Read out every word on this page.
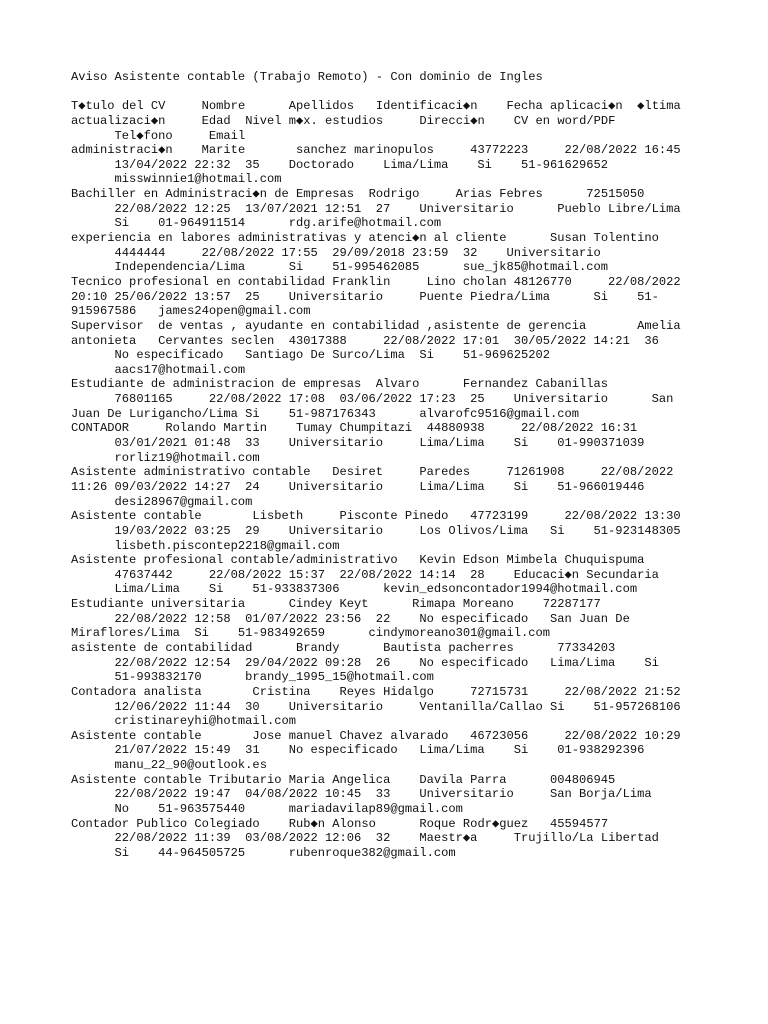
Aviso Asistente contable (Trabajo Remoto) - Con dominio de Ingles
T◆tulo del CV     Nombre      Apellidos   Identificaci◆n    Fecha aplicaci◆n  ◆ltima
actualizaci◆n     Edad  Nivel m◆x. estudios     Direcci◆n    CV en word/PDF
Tel◆fono     Email
administraci◆n    Marite       sanchez marinopulos     43772223     22/08/2022 16:45
13/04/2022 22:32  35    Doctorado    Lima/Lima    Si    51-961629652
misswinnie1@hotmail.com
Bachiller en Administraci◆n de Empresas  Rodrigo     Arias Febres      72515050
22/08/2022 12:25  13/07/2021 12:51  27    Universitario      Pueblo Libre/Lima
Si    01-964911514      rdg.arife@hotmail.com
experiencia en labores administrativas y atenci◆n al cliente      Susan Tolentino
4444444     22/08/2022 17:55  29/09/2018 23:59  32    Universitario
Independencia/Lima      Si    51-995462085      sue_jk85@hotmail.com
Tecnico profesional en contabilidad Franklin     Lino cholan 48126770     22/08/2022
20:10 25/06/2022 13:57  25    Universitario     Puente Piedra/Lima      Si    51-
915967586   james24open@gmail.com
Supervisor  de ventas , ayudante en contabilidad ,asistente de gerencia       Amelia
antonieta   Cervantes seclen  43017388     22/08/2022 17:01  30/05/2022 14:21  36
No especificado   Santiago De Surco/Lima  Si    51-969625202
aacs17@hotmail.com
Estudiante de administracion de empresas  Alvaro      Fernandez Cabanillas
76801165     22/08/2022 17:08  03/06/2022 17:23  25    Universitario      San
Juan De Lurigancho/Lima Si    51-987176343      alvarofc9516@gmail.com
CONTADOR     Rolando Martin    Tumay Chumpitazi  44880938     22/08/2022 16:31
03/01/2021 01:48  33    Universitario     Lima/Lima    Si    01-990371039
rorliz19@hotmail.com
Asistente administrativo contable   Desiret     Paredes     71261908     22/08/2022
11:26 09/03/2022 14:27  24    Universitario     Lima/Lima    Si    51-966019446
desi28967@gmail.com
Asistente contable       Lisbeth     Pisconte Pinedo   47723199     22/08/2022 13:30
19/03/2022 03:25  29    Universitario     Los Olivos/Lima   Si    51-923148305
lisbeth.piscontep2218@gmail.com
Asistente profesional contable/administrativo   Kevin Edson Mimbela Chuquispuma
47637442     22/08/2022 15:37  22/08/2022 14:14  28    Educaci◆n Secundaria
Lima/Lima    Si    51-933837306      kevin_edsoncontador1994@hotmail.com
Estudiante universitaria      Cindey Keyt      Rimapa Moreano    72287177
22/08/2022 12:58  01/07/2022 23:56  22    No especificado   San Juan De
Miraflores/Lima  Si    51-983492659      cindymoreano301@gmail.com
asistente de contabilidad      Brandy      Bautista pacherres      77334203
22/08/2022 12:54  29/04/2022 09:28  26    No especificado   Lima/Lima    Si
51-993832170      brandy_1995_15@hotmail.com
Contadora analista       Cristina    Reyes Hidalgo     72715731     22/08/2022 21:52
12/06/2022 11:44  30    Universitario     Ventanilla/Callao Si    51-957268106
cristinareyhi@hotmail.com
Asistente contable       Jose manuel Chavez alvarado   46723056     22/08/2022 10:29
21/07/2022 15:49  31    No especificado   Lima/Lima    Si    01-938292396
manu_22_90@outlook.es
Asistente contable Tributario Maria Angelica    Davila Parra      004806945
22/08/2022 19:47  04/08/2022 10:45  33    Universitario     San Borja/Lima
No    51-963575440      mariadavilap89@gmail.com
Contador Publico Colegiado    Rub◆n Alonso      Roque Rodr◆guez   45594577
22/08/2022 11:39  03/08/2022 12:06  32    Maestr◆a     Trujillo/La Libertad
Si    44-964505725      rubenroque382@gmail.com
